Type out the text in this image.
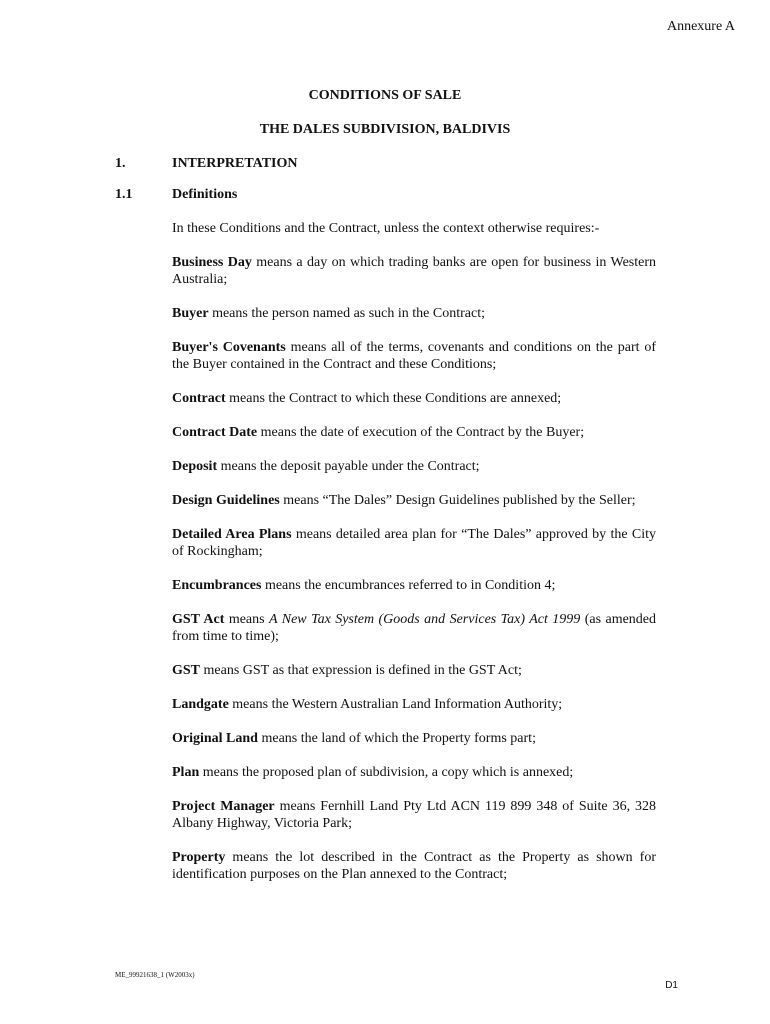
Annexure A
CONDITIONS OF SALE
THE DALES SUBDIVISION, BALDIVIS
1.	INTERPRETATION
1.1	Definitions

In these Conditions and the Contract, unless the context otherwise requires:-

Business Day means a day on which trading banks are open for business in Western Australia;

Buyer means the person named as such in the Contract;

Buyer's Covenants means all of the terms, covenants and conditions on the part of the Buyer contained in the Contract and these Conditions;

Contract means the Contract to which these Conditions are annexed;

Contract Date means the date of execution of the Contract by the Buyer;

Deposit means the deposit payable under the Contract;

Design Guidelines means “The Dales” Design Guidelines published by the Seller;

Detailed Area Plans means detailed area plan for “The Dales” approved by the City of Rockingham;

Encumbrances means the encumbrances referred to in Condition 4;

GST Act means A New Tax System (Goods and Services Tax) Act 1999 (as amended from time to time);

GST means GST as that expression is defined in the GST Act;

Landgate means the Western Australian Land Information Authority;

Original Land means the land of which the Property forms part;

Plan means the proposed plan of subdivision, a copy which is annexed;

Project Manager means Fernhill Land Pty Ltd ACN 119 899 348 of Suite 36, 328 Albany Highway, Victoria Park;

Property means the lot described in the Contract as the Property as shown for identification purposes on the Plan annexed to the Contract;

ME_99921638_1 (W2003x)
D1
